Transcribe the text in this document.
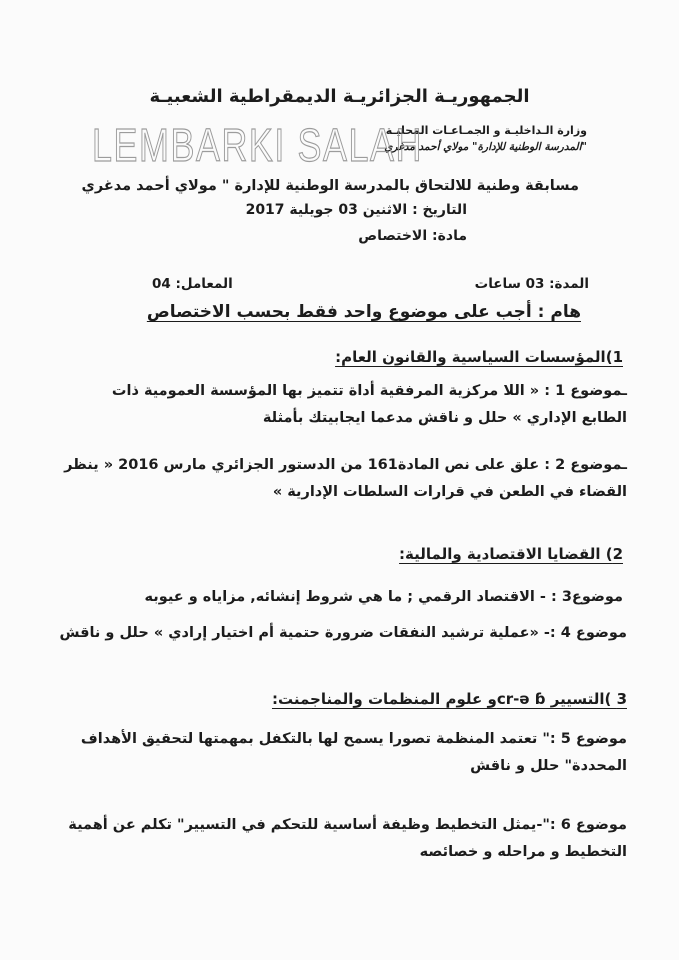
الجمهوريـة الجزائريـة الديمقراطية الشعبيـة
وزارة الـداخليـة و الجمـاعـات المحليـة
"المدرسة الوطنية للإدارة" مولاي أحمد مدغري
LEMBARKI SALAH
مسابقة وطنية للالتحاق بالمدرسة الوطنية للإدارة " مولاي أحمد مدغري
التاريخ : الاثنين 03 جويلية 2017
مادة: الاختصاص
المدة: 03 ساعات
المعامل: 04
هام : أجب على موضوع واحد فقط بحسب الاختصاص
1)المؤسسات السياسية والقانون العام:
ـموضوع 1 : « اللا مركزية المرفقية أداة تتميز بها المؤسسة العمومية ذات الطابع الإداري » حلل و ناقش مدعما ايجابيتك بأمثلة
ـموضوع 2 : علق على نص المادة161 من الدستور الجزائري مارس 2016 « ينظر القضاء في الطعن في قرارات السلطات الإدارية »
2) القضايا الاقتصادية والمالية:
موضوع3 : - الاقتصاد الرقمي ; ما هي شروط إنشائه, مزاياه و عيوبه
موضوع 4 :- «عملية ترشيد النفقات ضرورة حتمية أم اختيار إرادي » حلل و ناقش
3 )التسيير cr‑ǝ ɓو علوم المنظمات والمناجمنت:
موضوع 5 :" تعتمد المنظمة تصورا يسمح لها بالتكفل بمهمتها لتحقيق الأهداف المحددة" حلل و ناقش
موضوع 6 :"-يمثل التخطيط وظيفة أساسية للتحكم في التسيير" تكلم عن أهمية التخطيط و مراحله و خصائصه
